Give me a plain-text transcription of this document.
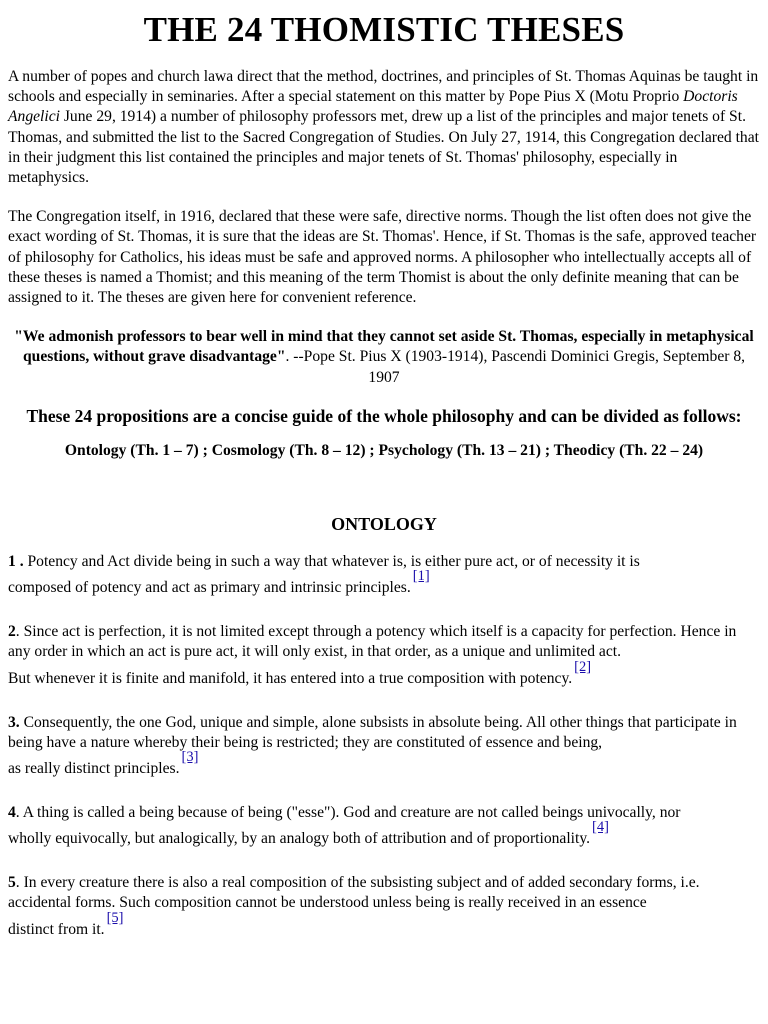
THE 24 THOMISTIC THESES

A number of popes and church lawa direct that the method, doctrines, and principles of St. Thomas Aquinas be taught in schools and especially in seminaries. After a special statement on this matter by Pope Pius X (Motu Proprio Doctoris Angelici June 29, 1914) a number of philosophy professors met, drew up a list of the principles and major tenets of St. Thomas, and submitted the list to the Sacred Congregation of Studies. On July 27, 1914, this Congregation declared that in their judgment this list contained the principles and major tenets of St. Thomas' philosophy, especially in metaphysics.

The Congregation itself, in 1916, declared that these were safe, directive norms. Though the list often does not give the exact wording of St. Thomas, it is sure that the ideas are St. Thomas'. Hence, if St. Thomas is the safe, approved teacher of philosophy for Catholics, his ideas must be safe and approved norms. A philosopher who intellectually accepts all of these theses is named a Thomist; and this meaning of the term Thomist is about the only definite meaning that can be assigned to it. The theses are given here for convenient reference.

"We admonish professors to bear well in mind that they cannot set aside St. Thomas, especially in metaphysical questions, without grave disadvantage". --Pope St. Pius X (1903-1914), Pascendi Dominici Gregis, September 8, 1907

These 24 propositions are a concise guide of the whole philosophy and can be divided as follows:

Ontology (Th. 1 – 7) ; Cosmology (Th. 8 – 12) ; Psychology (Th. 13 – 21) ; Theodicy (Th. 22 – 24)

ONTOLOGY

1 . Potency and Act divide being in such a way that whatever is, is either pure act, or of necessity it is
composed of potency and act as primary and intrinsic principles.[1]

2. Since act is perfection, it is not limited except through a potency which itself is a capacity for perfection. Hence in any order in which an act is pure act, it will only exist, in that order, as a unique and unlimited act.
But whenever it is finite and manifold, it has entered into a true composition with potency.[2]

3. Consequently, the one God, unique and simple, alone subsists in absolute being. All other things that participate in being have a nature whereby their being is restricted; they are constituted of essence and being,
as really distinct principles.[3]

4. A thing is called a being because of being ("esse"). God and creature are not called beings univocally, nor
wholly equivocally, but analogically, by an analogy both of attribution and of proportionality.[4]

5. In every creature there is also a real composition of the subsisting subject and of added secondary forms, i.e. accidental forms. Such composition cannot be understood unless being is really received in an essence
distinct from it.[5]
